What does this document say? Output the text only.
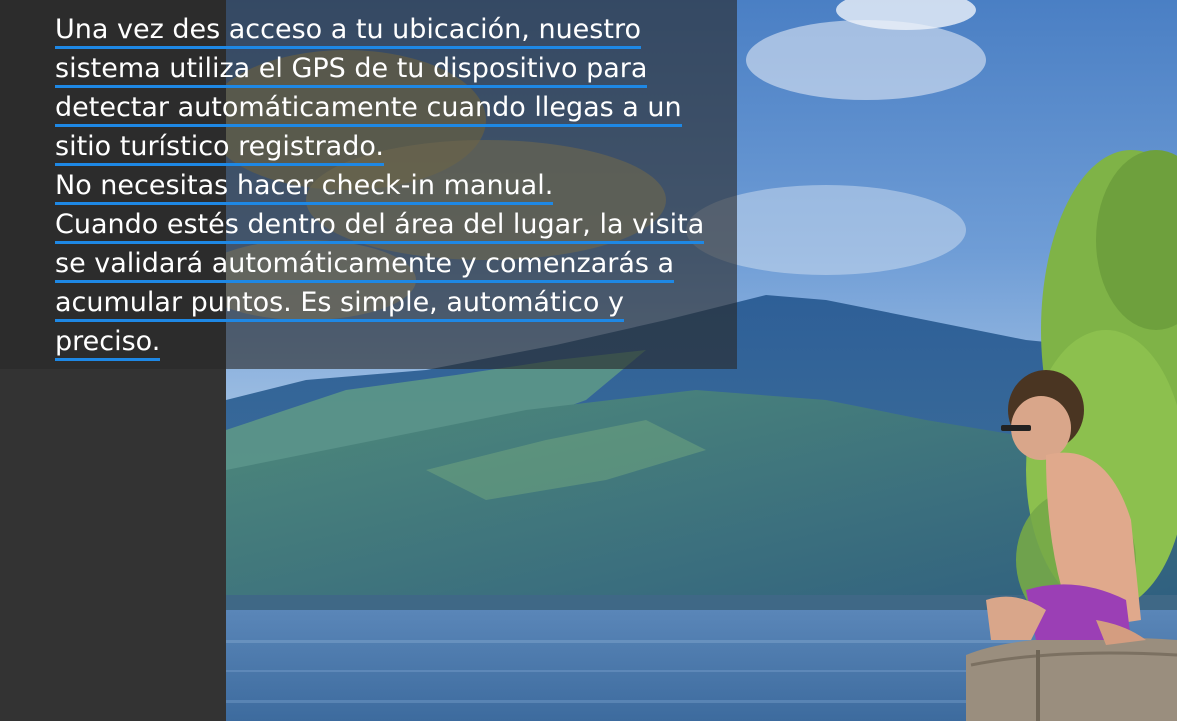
Una vez des acceso a tu ubicación, nuestro sistema utiliza el GPS de tu dispositivo para detectar automáticamente cuando llegas a un sitio turístico registrado.

No necesitas hacer check-in manual.

Cuando estés dentro del área del lugar, la visita se validará automáticamente y comenzarás a acumular puntos. Es simple, automático y preciso.
